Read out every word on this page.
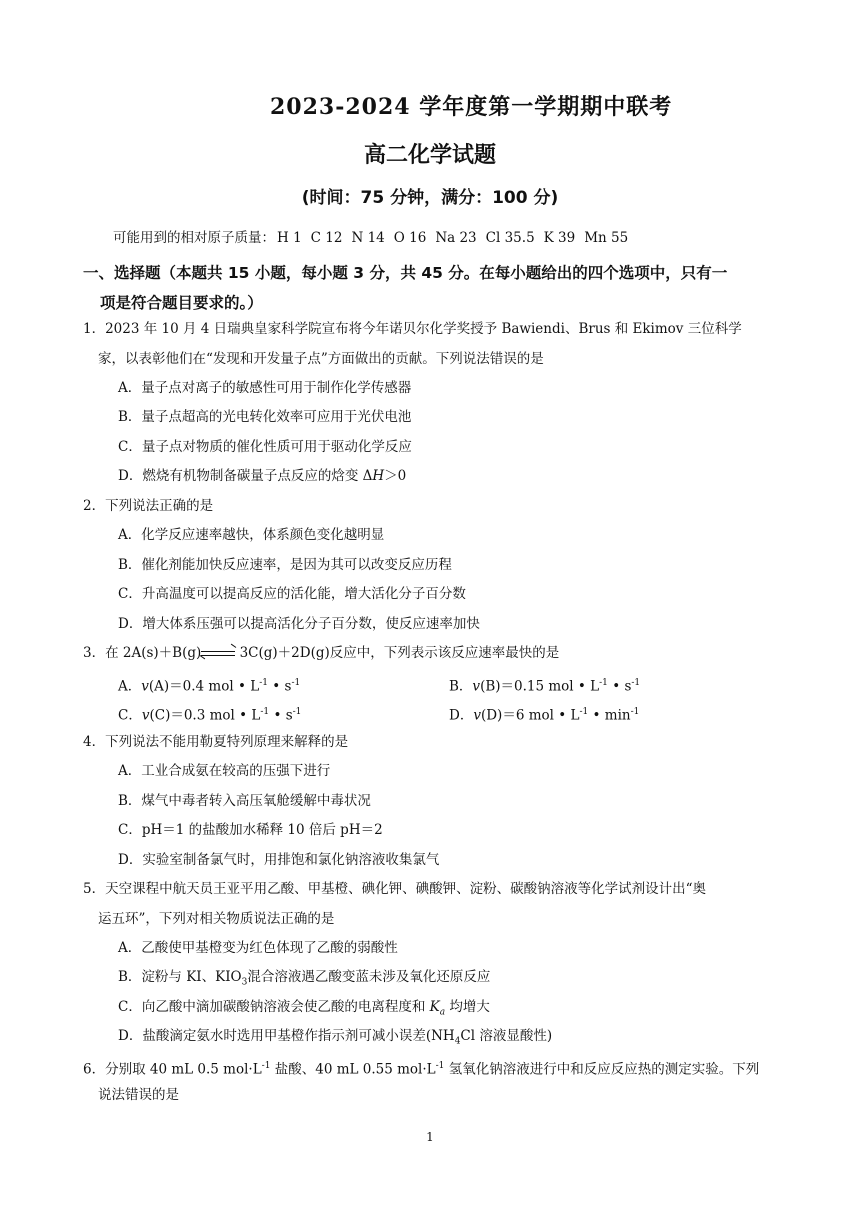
2023-2024 学年度第一学期期中联考
高二化学试题
(时间：75 分钟，满分：100 分)
可能用到的相对原子质量： H 1 C 12 N 14 O 16 Na 23 Cl 35.5 K 39 Mn 55
一、选择题（本题共 15 小题，每小题 3 分，共 45 分。在每小题给出的四个选项中，只有一
项是符合题目要求的。）
1．2023 年 10 月 4 日瑞典皇家科学院宣布将今年诺贝尔化学奖授予 Bawiendi、Brus 和 Ekimov 三位科学
家，以表彰他们在“发现和开发量子点”方面做出的贡献。下列说法错误的是
A．量子点对离子的敏感性可用于制作化学传感器
B．量子点超高的光电转化效率可应用于光伏电池
C．量子点对物质的催化性质可用于驱动化学反应
D．燃烧有机物制备碳量子点反应的焓变 ΔH＞0
2．下列说法正确的是
A．化学反应速率越快，体系颜色变化越明显
B．催化剂能加快反应速率，是因为其可以改变反应历程
C．升高温度可以提高反应的活化能，增大活化分子百分数
D．增大体系压强可以提高活化分子百分数，使反应速率加快
3．在 2A(s)＋B(g)⇌ 3C(g)＋2D(g)反应中，下列表示该反应速率最快的是
A．v(A)＝0.4 mol • $L^{-1}$ • $s^{-1}$	B．v(B)＝0.15 mol • $L^{-1}$ • $s^{-1}$
C．v(C)＝0.3 mol • $L^{-1}$ • $s^{-1}$	D．v(D)＝6 mol • $L^{-1}$ • $\min^{-1}$
4．下列说法不能用勒夏特列原理来解释的是
A．工业合成氨在较高的压强下进行
B．煤气中毒者转入高压氧舱缓解中毒状况
C．pH＝1 的盐酸加水稀释 10 倍后 pH＝2
D．实验室制备氯气时，用排饱和氯化钠溶液收集氯气
5．天空课程中航天员王亚平用乙酸、甲基橙、碘化钾、碘酸钾、淀粉、碳酸钠溶液等化学试剂设计出“奥
运五环”，下列对相关物质说法正确的是
A．乙酸使甲基橙变为红色体现了乙酸的弱酸性
B．淀粉与 KI、$KIO_3$混合溶液遇乙酸变蓝未涉及氧化还原反应
C．向乙酸中滴加碳酸钠溶液会使乙酸的电离程度和 $K_a$ 均增大
D．盐酸滴定氨水时选用甲基橙作指示剂可减小误差($NH_4Cl$ 溶液显酸性)
6．分别取 40 mL 0.5 $mol\cdot L^{-1}$ 盐酸、40 mL 0.55 $mol\cdot L^{-1}$ 氢氧化钠溶液进行中和反应反应热的测定实验。下列
说法错误的是
1
